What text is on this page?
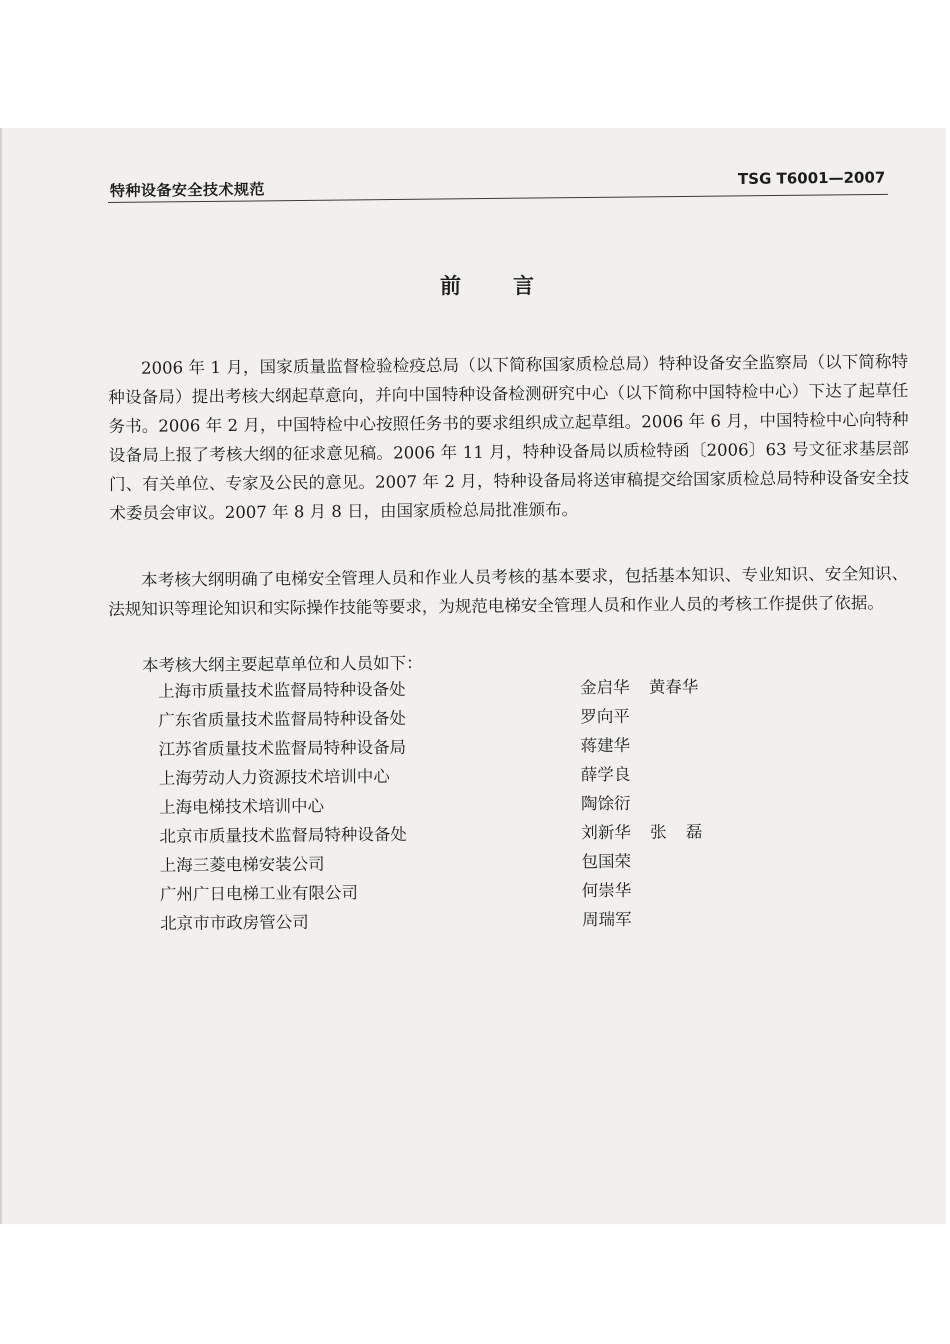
特种设备安全技术规范
TSG T6001—2007
前言

2006 年 1 月，国家质量监督检验检疫总局（以下简称国家质检总局）特种设备安全监察局（以下简称特种设备局）提出考核大纲起草意向，并向中国特种设备检测研究中心（以下简称中国特检中心）下达了起草任务书。2006 年 2 月，中国特检中心按照任务书的要求组织成立起草组。2006 年 6 月，中国特检中心向特种设备局上报了考核大纲的征求意见稿。2006 年 11 月，特种设备局以质检特函〔2006〕63 号文征求基层部门、有关单位、专家及公民的意见。2007 年 2 月，特种设备局将送审稿提交给国家质检总局特种设备安全技术委员会审议。2007 年 8 月 8 日，由国家质检总局批准颁布。

本考核大纲明确了电梯安全管理人员和作业人员考核的基本要求，包括基本知识、专业知识、安全知识、法规知识等理论知识和实际操作技能等要求，为规范电梯安全管理人员和作业人员的考核工作提供了依据。

本考核大纲主要起草单位和人员如下：

上海市质量技术监督局特种设备处	金启华 黄春华
广东省质量技术监督局特种设备处	罗向平
江苏省质量技术监督局特种设备局	蒋建华
上海劳动人力资源技术培训中心	薛学良
上海电梯技术培训中心	陶馀衍
北京市质量技术监督局特种设备处	刘新华 张 磊
上海三菱电梯安装公司	包国荣
广州广日电梯工业有限公司	何崇华
北京市市政房管公司	周瑞军
